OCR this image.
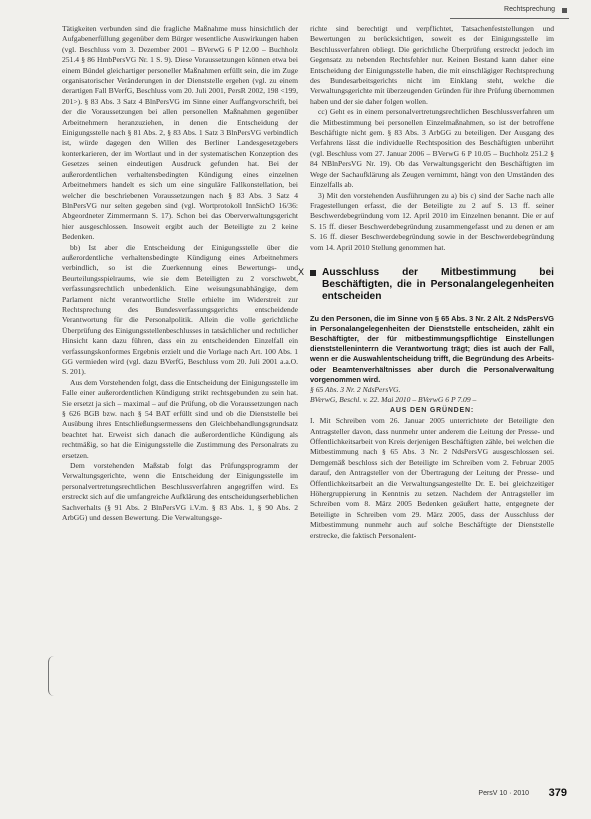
Rechtsprechung

Tätigkeiten verbunden sind die fragliche Maßnahme muss hinsichtlich der Aufgabenerfüllung gegenüber dem Bürger wesentliche Auswirkungen haben (vgl. Beschluss vom 3. Dezember 2001 – BVerwG 6 P 12.00 – Buchholz 251.4 § 86 HmbPersVG Nr. 1 S. 9). Diese Voraussetzungen können etwa bei einem Bündel gleichartiger personeller Maßnahmen erfüllt sein, die im Zuge organisatorischer Veränderungen in der Dienststelle ergehen (vgl. zu einem derartigen Fall BVerfG, Beschluss vom 20. Juli 2001, PersR 2002, 198 <199, 201>). § 83 Abs. 3 Satz 4 BlnPersVG im Sinne einer Auffangvorschrift, bei der die Voraussetzungen bei allen personellen Maßnahmen gegenüber Arbeitnehmern heranzuziehen, in denen die Entscheidung der Einigungsstelle nach § 81 Abs. 2, § 83 Abs. 1 Satz 3 BlnPersVG verbindlich ist, würde dagegen den Willen des Berliner Landesgesetzgebers konterkarieren, der im Wortlaut und in der systematischen Konzeption des Gesetzes seinen eindeutigen Ausdruck gefunden hat. Bei der außerordentlichen verhaltensbedingten Kündigung eines einzelnen Arbeitnehmers handelt es sich um eine singuläre Fallkonstellation, bei welcher die beschriebenen Voraussetzungen nach § 83 Abs. 3 Satz 4 BlnPersVG nur selten gegeben sind (vgl. Wortprotokoll InnSichO 16/36: Abgeordneter Zimmermann S. 17). Schon bei das Oberverwaltungsgericht hier ausgeschlossen. Insoweit ergibt auch der Beteiligte zu 2 keine Bedenken.

bb) Ist aber die Entscheidung der Einigungsstelle über die außerordentliche verhaltensbedingte Kündigung eines Arbeitnehmers verbindlich, so ist die Zuerkennung eines Bewertungs- und Beurteilungsspielraums, wie sie dem Beteiligten zu 2 vorschwebt, verfassungsrechtlich unbedenklich. Eine weisungsunabhängige, dem Parlament nicht verantwortliche Stelle erhielte im Widerstreit zur Rechtsprechung des Bundesverfassungsgerichts entscheidende Verantwortung für die Personalpolitik. Allein die volle gerichtliche Überprüfung des Einigungsstellenbeschlusses in tatsächlicher und rechtlicher Hinsicht kann dazu führen, dass ein zu entscheidenden Einzelfall ein verfassungskonformes Ergebnis erzielt und die Vorlage nach Art. 100 Abs. 1 GG vermieden wird (vgl. dazu BVerfG, Beschluss vom 20. Juli 2001 a.a.O. S. 201).

Aus dem Vorstehenden folgt, dass die Entscheidung der Einigungsstelle im Falle einer außerordentlichen Kündigung strikt rechtsgebunden zu sein hat. Sie ersetzt ja sich – maximal – auf die Prüfung, ob die Voraussetzungen nach § 626 BGB bzw. nach § 54 BAT erfüllt sind und ob die Dienststelle bei Ausübung ihres Entschließungsermessens den Gleichbehandlungsgrundsatz beachtet hat. Erweist sich danach die außerordentliche Kündigung als rechtmäßig, so hat die Einigungsstelle die Zustimmung des Personalrats zu ersetzen.

Dem vorstehenden Maßstab folgt das Prüfungsprogramm der Verwaltungsgerichte, wenn die Entscheidung der Einigungsstelle im personalvertretungsrechtlichen Beschlussverfahren angegriffen wird. Es erstreckt sich auf die umfangreiche Aufklärung des entscheidungserheblichen Sachverhalts (§ 91 Abs. 2 BlnPersVG i.V.m. § 83 Abs. 1, § 90 Abs. 2 ArbGG) und dessen Bewertung. Die Verwaltungsge-

richte sind berechtigt und verpflichtet, Tatsachenfeststellungen und Bewertungen zu berücksichtigen, soweit es der Einigungsstelle im Beschlussverfahren obliegt. Die gerichtliche Überprüfung erstreckt jedoch im Gegensatz zu nebenden Rechtsfehler nur. Keinen Bestand kann daher eine Entscheidung der Einigungsstelle haben, die mit einschlägiger Rechtsprechung des Bundesarbeitsgerichts nicht im Einklang steht, welche die Verwaltungsgerichte mit überzeugenden Gründen für ihre Prüfung übernommen haben und der sie daher folgen wollen.

cc) Geht es in einem personalvertretungsrechtlichen Beschlussverfahren um die Mitbestimmung bei personellen Einzelmaßnahmen, so ist der betroffene Beschäftigte nicht gem. § 83 Abs. 3 ArbGG zu beteiligen. Der Ausgang des Verfahrens lässt die individuelle Rechtsposition des Beschäftigten unberührt (vgl. Beschluss vom 27. Januar 2006 – BVerwG 6 P 10.05 – Buchholz 251.2 § 84 NBlnPersVG Nr. 19). Ob das Verwaltungsgericht den Beschäftigten im Wege der Sachaufklärung als Zeugen vernimmt, hängt von den Umständen des Einzelfalls ab.

3) Mit den vorstehenden Ausführungen zu a) bis c) sind der Sache nach alle Fragestellungen erfasst, die der Beteiligte zu 2 auf S. 13 ff. seiner Beschwerdebegründung vom 12. April 2010 im Einzelnen benannt. Die er auf S. 15 ff. dieser Beschwerdebegründung zusammengefasst und zu denen er am S. 16 ff. dieser Beschwerdebegründung sowie in der Beschwerdebegründung vom 14. April 2010 Stellung genommen hat.

X Ausschluss der Mitbestimmung bei Beschäftigten, die in Personalangelegenheiten entscheiden

Zu den Personen, die im Sinne von § 65 Abs. 3 Nr. 2 Alt. 2 NdsPersVG in Personalangelegenheiten der Dienststelle entscheiden, zählt ein Beschäftigter, der für mitbestimmungspflichtige Einstellungen dienststelleninterrn die Verantwortung trägt; dies ist auch der Fall, wenn er die Auswahlentscheidung trifft, die Begründung des Arbeits- oder Beamtenverhältnisses aber durch die Personalverwaltung vorgenommen wird.

§ 65 Abs. 3 Nr. 2 NdsPersVG.

BVerwG, Beschl. v. 22. Mai 2010 – BVerwG 6 P 7.09 –

AUS DEN GRÜNDEN:

I. Mit Schreiben vom 26. Januar 2005 unterrichtete der Beteiligte den Antragsteller davon, dass nunmehr unter anderem die Leitung der Presse- und Öffentlichkeitsarbeit von Kreis derjenigen Beschäftigten zähle, bei welchen die Mitbestimmung nach § 65 Abs. 3 Nr. 2 NdsPersVG ausgeschlossen sei. Demgemäß beschloss sich der Beteiligte im Schreiben vom 2. Februar 2005 darauf, den Antragsteller von der Übertragung der Leitung der Presse- und Öffentlichkeitsarbeit an die Verwaltungsangestellte Dr. E. bei gleichzeitiger Höhergruppierung in Kenntnis zu setzen. Nachdem der Antragsteller im Schreiben vom 8. März 2005 Bedenken geäußert hatte, entgegnete der Beteiligte in Schreiben vom 29. März 2005, dass der Ausschluss der Mitbestimmung nunmehr auch auf solche Beschäftigte der Dienststelle erstrecke, die faktisch Personalent-

PersV 10 · 2010 379
